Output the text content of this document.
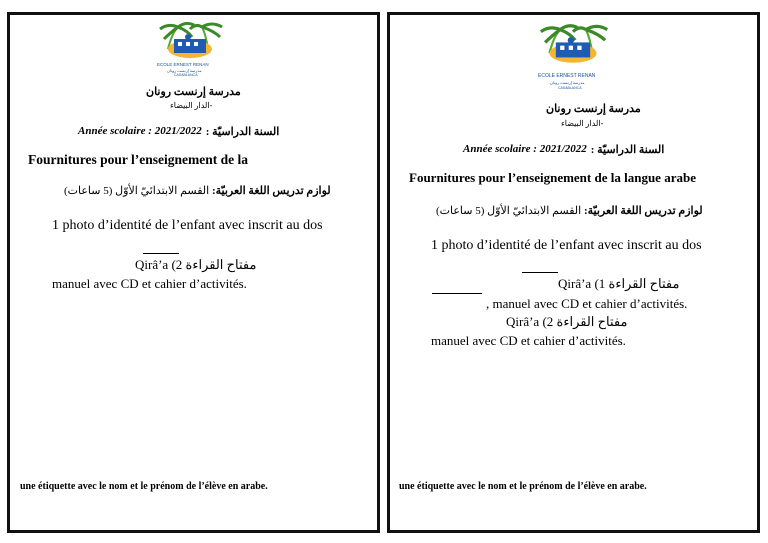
ECOLE ERNEST RENAN
مدرسة إرنست رونان
CASABLANCA
مدرسة إرنست رونان
-الدار البيضاء
Année scolaire : 2021/2022 السنة الدراسيّة :
Fournitures pour l’enseignement de la
لوازم تدريس اللغة العربيّة: القسم الابتدائيّ الأوّل (5 ساعات)
1 photo d’identité de l’enfant avec inscrit au dos
Qirâ’a (2 مفتاح القراءة
manuel avec CD et cahier d’activités.
une étiquette avec le nom et le prénom de l’élève en arabe.
ECOLE ERNEST RENAN
مدرسة إرنست رونان
CASABLANCA
مدرسة إرنست رونان
-الدار البيضاء
Année scolaire : 2021/2022 السنة الدراسيّة :
Fournitures pour l’enseignement de la langue arabe
لوازم تدريس اللغة العربيّة: القسم الابتدائيّ الأوّل (5 ساعات)
1 photo d’identité de l’enfant avec inscrit au dos
Qirâ’a (1 مفتاح القراءة
, manuel avec CD et cahier d’activités.
Qirâ’a (2 مفتاح القراءة
manuel avec CD et cahier d’activités.
une étiquette avec le nom et le prénom de l’élève en arabe.
